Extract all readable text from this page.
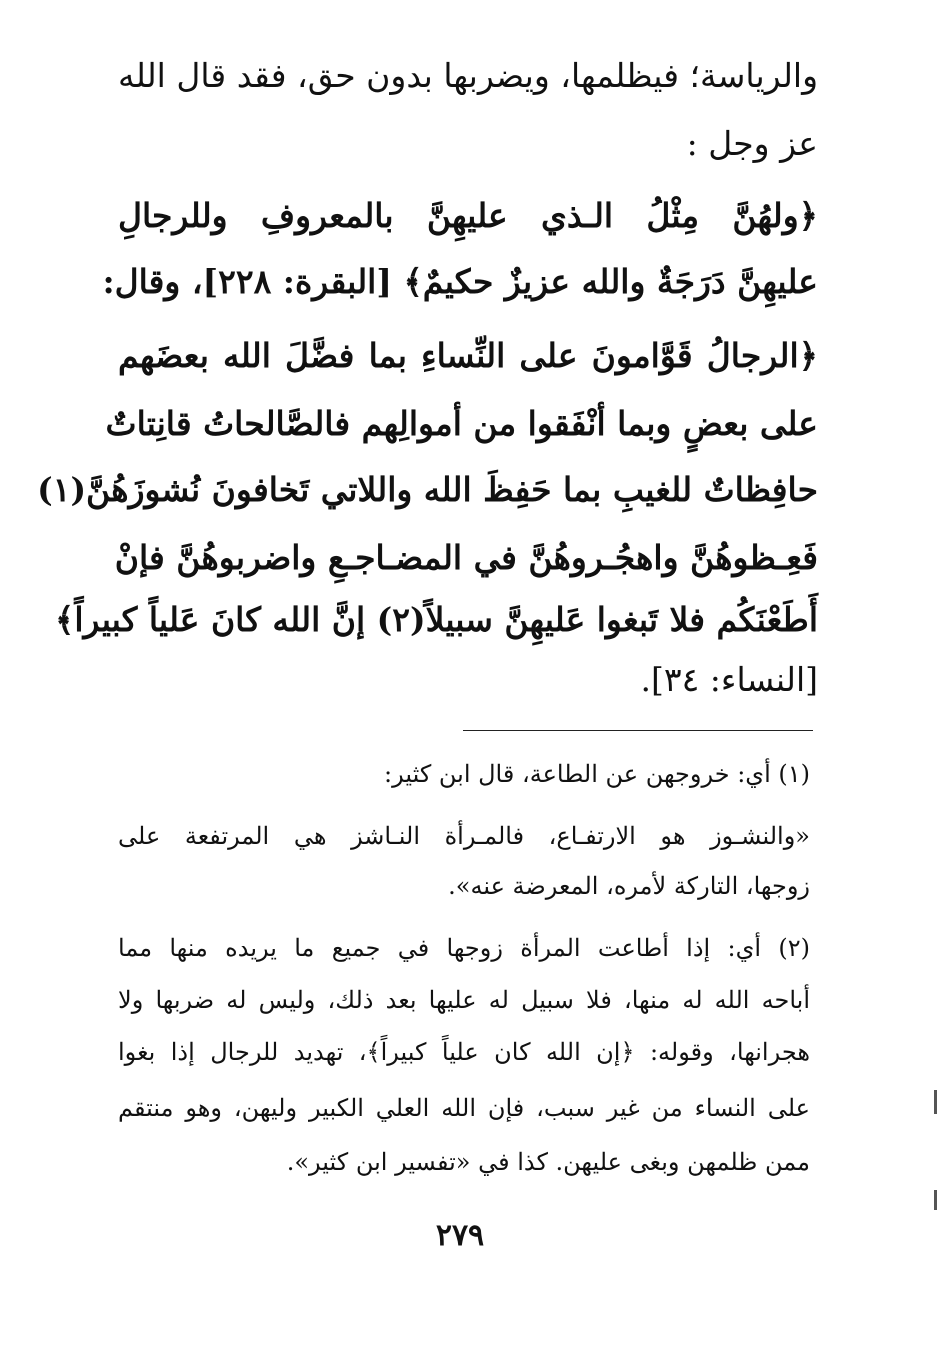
والرياسة؛ فيظلمها، ويضربها بدون حق، فقد قال الله
عز وجل :
﴿ولهُنَّ مِثْلُ الـذي عليهِنَّ بالمعروفِ وللرجالِ
عليهِنَّ دَرَجَةٌ والله عزيزٌ حكيمٌ﴾ [البقرة: ٢٢٨]، وقال:
﴿الرجالُ قَوَّامونَ على النِّساءِ بما فضَّلَ الله بعضَهم
على بعضٍ وبما أنْفَقوا من أموالِهم فالصَّالحاتُ قانِتاتٌ
حافِظاتٌ للغيبِ بما حَفِظَ الله واللاتي تَخافونَ نُشوزَهُنَّ(١)
فَعِـظوهُنَّ واهجُـروهُنَّ في المضـاجـعِ واضربوهُنَّ فإنْ
أَطَعْنَكُم فلا تَبغوا عَليهِنَّ سبيلاً(٢) إنَّ الله كانَ عَلياً كبيراً﴾
[النساء: ٣٤].
(١) أي: خروجهن عن الطاعة، قال ابن كثير:
«والنشـوز هو الارتفـاع، فالمـرأة النـاشز هي المرتفعة على
زوجها، التاركة لأمره، المعرضة عنه».
(٢) أي: إذا أطاعت المرأة زوجها في جميع ما يريده منها مما
أباحه الله له منها، فلا سبيل له عليها بعد ذلك، وليس له ضربها ولا
هجرانها، وقوله: ﴿إن الله كان علياً كبيراً﴾، تهديد للرجال إذا بغوا
على النساء من غير سبب، فإن الله العلي الكبير وليهن، وهو منتقم
ممن ظلمهن وبغى عليهن. كذا في «تفسير ابن كثير».
٢٧٩
